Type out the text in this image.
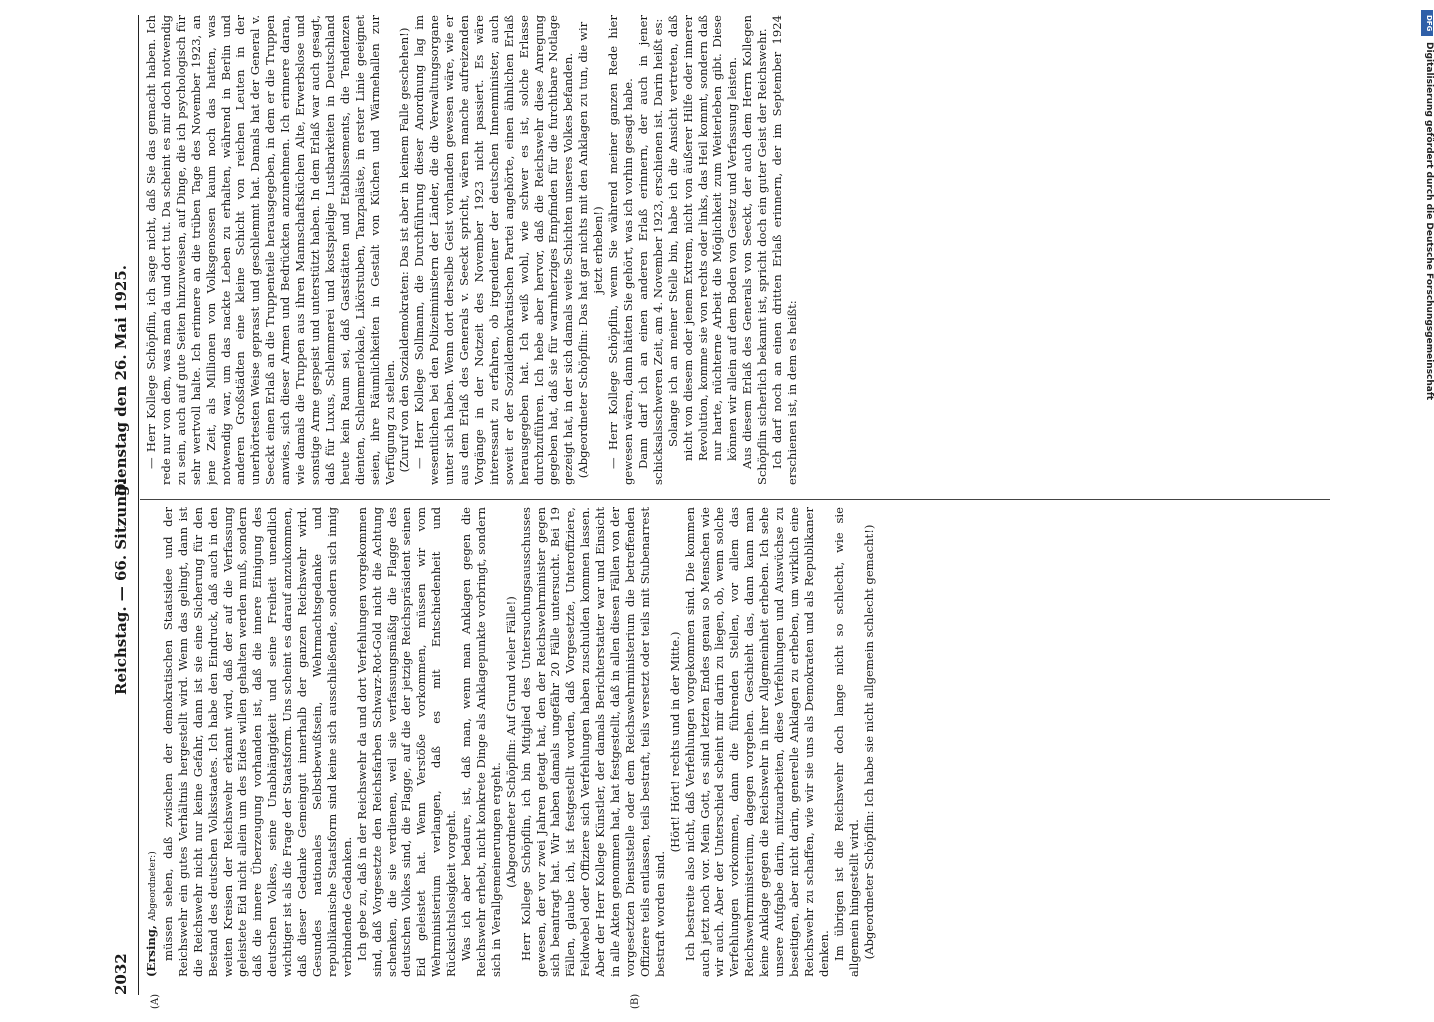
2032
Reichstag. — 66. Sitzung.
Dienstag den 26. Mai 1925.
(A)	(B)

(Ersing, Abgeordneter:) müssen sehen, daß zwischen der demokratischen Staatsidee und der Reichswehr ein gutes Verhältnis hergestellt wird. Wenn das gelingt, dann ist die Reichswehr nicht nur keine Gefahr, dann ist sie eine Sicherung für den Bestand des deutschen Volksstaates. Ich habe den Eindruck, daß auch in den weiten Kreisen der Reichswehr erkannt wird, daß der auf die Verfassung geleistete Eid nicht allein um des Eides willen gehalten werden muß, sondern daß die innere Überzeugung vorhanden ist, daß die innere Einigung des deutschen Volkes, seine Unabhängigkeit und seine Freiheit unendlich wichtiger ist als die Frage der Staatsform. Uns scheint es darauf anzukommen, daß dieser Gedanke Gemeingut innerhalb der ganzen Reichswehr wird. Gesundes nationales Selbstbewußtsein, Wehrmachtsgedanke und republikanische Staatsform sind keine sich ausschließende, sondern sich innig verbindende Gedanken. Ich gebe zu, daß in der Reichswehr da und dort Verfehlungen vorgekommen sind, daß Vorgesetzte den Reichsfarben Schwarz-Rot-Gold nicht die Achtung schenken, die sie verdienen, weil sie verfassungsmäßig die Flagge des deutschen Volkes sind, die Flagge, auf die der jetzige Reichspräsident seinen Eid geleistet hat. Wenn Verstöße vorkommen, müssen wir vom Wehrministerium verlangen, daß es mit Entschiedenheit und Rücksichtslosigkeit vorgeht. Was ich aber bedaure, ist, daß man, wenn man Anklagen gegen die Reichswehr erhebt, nicht konkrete Dinge als Anklagepunkte vorbringt, sondern sich in Verallgemeinerungen ergeht. (Abgeordneter Schöpflin: Auf Grund vieler Fälle!) Herr Kollege Schöpflin, ich bin Mitglied des Untersuchungsausschusses gewesen, der vor zwei Jahren getagt hat, den der Reichswehrminister gegen sich beantragt hat. Wir haben damals ungefähr 20 Fälle untersucht. Bei 19 Fällen, glaube ich, ist festgestellt worden, daß Vorgesetzte, Unteroffiziere, Feldwebel oder Offiziere sich Verfehlungen haben zuschulden kommen lassen. Aber der Herr Kollege Künstler, der damals Berichterstatter war und Einsicht in alle Akten genommen hat, hat festgestellt, daß in allen diesen Fällen von der vorgesetzten Dienststelle oder dem Reichswehrministerium die betreffenden Offiziere teils entlassen, teils bestraft, teils versetzt oder teils mit Stubenarrest bestraft worden sind.

(Hört! Hört! rechts und in der Mitte.) Ich bestreite also nicht, daß Verfehlungen vorgekommen sind. Die kommen auch jetzt noch vor. Mein Gott, es sind letzten Endes genau so Menschen wie wir auch. Aber der Unterschied scheint mir darin zu liegen, ob, wenn solche Verfehlungen vorkommen, dann die führenden Stellen, vor allem das Reichswehrministerium, dagegen vorgehen. Geschieht das, dann kann man keine Anklage gegen die Reichswehr in ihrer Allgemeinheit erheben. Ich sehe unsere Aufgabe darin, mitzuarbeiten, diese Verfehlungen und Auswüchse zu beseitigen, aber nicht darin, generelle Anklagen zu erheben, um wirklich eine Reichswehr zu schaffen, wie wir sie uns als Demokraten und als Republikaner denken. Im übrigen ist die Reichswehr doch lange nicht so schlecht, wie sie allgemein hingestellt wird. (Abgeordneter Schöpflin: Ich habe sie nicht allgemein schlecht gemacht!)

— Herr Kollege Schöpflin, ich sage nicht, daß Sie das gemacht haben. Ich rede nur von dem, was man da und dort tut. Da scheint es mir doch notwendig zu sein, auch auf gute Seiten hinzuweisen, auf Dinge, die ich psychologisch für sehr wertvoll halte. Ich erinnere an die trüben Tage des November 1923, an jene Zeit, als Millionen von Volksgenossen kaum noch das hatten, was notwendig war, um das nackte Leben zu erhalten, während in Berlin und anderen Großstädten eine kleine Schicht von reichen Leuten in der unerhörtesten Weise geprasst und geschlemmt hat. Damals hat der General v. Seeckt einen Erlaß an die Truppenteile herausgegeben, in dem er die Truppen anwies, sich dieser Armen und Bedrückten anzunehmen. Ich erinnere daran, wie damals die Truppen aus ihren Mannschaftsküchen Alte, Erwerbslose und sonstige Arme gespeist und unterstützt haben. In dem Erlaß war auch gesagt, daß für Luxus, Schlemmerei und kostspielige Lustbarkeiten in Deutschland heute kein Raum sei, daß Gaststätten und Etablissements, die Tendenzen dienten, Schlemmerlokale, Likörstuben, Tanzpaläste, in erster Linie geeignet seien, ihre Räumlichkeiten in Gestalt von Küchen und Wärmehallen zur Verfügung zu stellen. (Zuruf von den Sozialdemokraten: Das ist aber in keinem Falle geschehen!) — Herr Kollege Sollmann, die Durchführung dieser Anordnung lag im wesentlichen bei den Polizeiministern der Länder, die die Verwaltungsorgane unter sich haben. Wenn dort derselbe Geist vorhanden gewesen wäre, wie er aus dem Erlaß des Generals v. Seeckt spricht, wären manche aufreizenden Vorgänge in der Notzeit des November 1923 nicht passiert. Es wäre interessant zu erfahren, ob irgendeiner der deutschen Innenminister, auch soweit er der Sozialdemokratischen Partei angehörte, einen ähnlichen Erlaß herausgegeben hat. Ich weiß wohl, wie schwer es ist, solche Erlasse durchzuführen. Ich hebe aber hervor, daß die Reichswehr diese Anregung gegeben hat, daß sie für warmherziges Empfinden für die furchtbare Notlage gezeigt hat, in der sich damals weite Schichten unseres Volkes befanden. (Abgeordneter Schöpflin: Das hat gar nichts mit den Anklagen zu tun, die wir jetzt erheben!) — Herr Kollege Schöpflin, wenn Sie während meiner ganzen Rede hier gewesen wären, dann hätten Sie gehört, was ich vorhin gesagt habe. Dann darf ich an einen anderen Erlaß erinnern, der auch in jener schicksalsschweren Zeit, am 4. November 1923, erschienen ist. Darin heißt es: Solange ich an meiner Stelle bin, habe ich die Ansicht vertreten, daß nicht von diesem oder jenem Extrem, nicht von äußerer Hilfe oder innerer Revolution, komme sie von rechts oder links, das Heil kommt, sondern daß nur harte, nüchterne Arbeit die Möglichkeit zum Weiterleben gibt. Diese können wir allein auf dem Boden von Gesetz und Verfassung leisten. Aus diesem Erlaß des Generals von Seeckt, der auch dem Herrn Kollegen Schöpflin sicherlich bekannt ist, spricht doch ein guter Geist der Reichswehr. Ich darf noch an einen dritten Erlaß erinnern, der im September 1924 erschienen ist, in dem es heißt:

DFG
Digitalisierung gefördert durch die Deutsche Forschungsgemeinschaft
